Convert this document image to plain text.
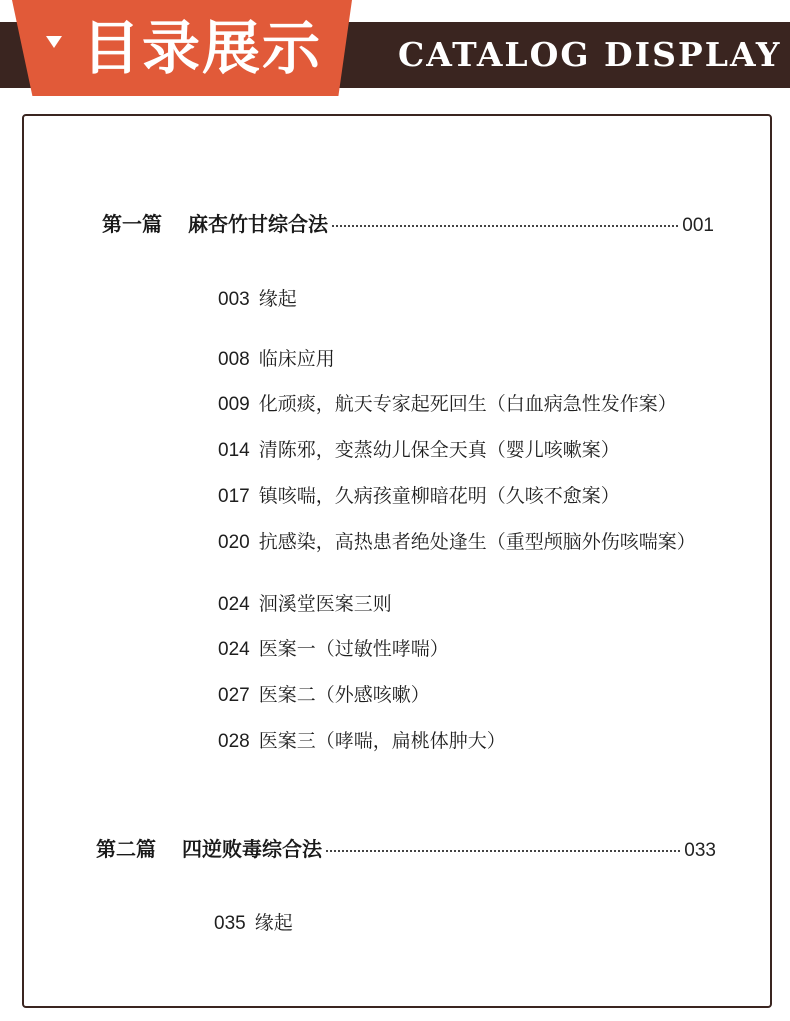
目录展示 CATALOG DISPLAY
第一篇 麻杏竹甘综合法	001
003 缘起
008 临床应用
009 化顽痰，航天专家起死回生（白血病急性发作案）
014 清陈邪，变蒸幼儿保全天真（婴儿咳嗽案）
017 镇咳喘，久病孩童柳暗花明（久咳不愈案）
020 抗感染，高热患者绝处逢生（重型颅脑外伤咳喘案）
024 洄溪堂医案三则
024 医案一（过敏性哮喘）
027 医案二（外感咳嗽）
028 医案三（哮喘，扁桃体肿大）
第二篇 四逆败毒综合法	033
035 缘起
